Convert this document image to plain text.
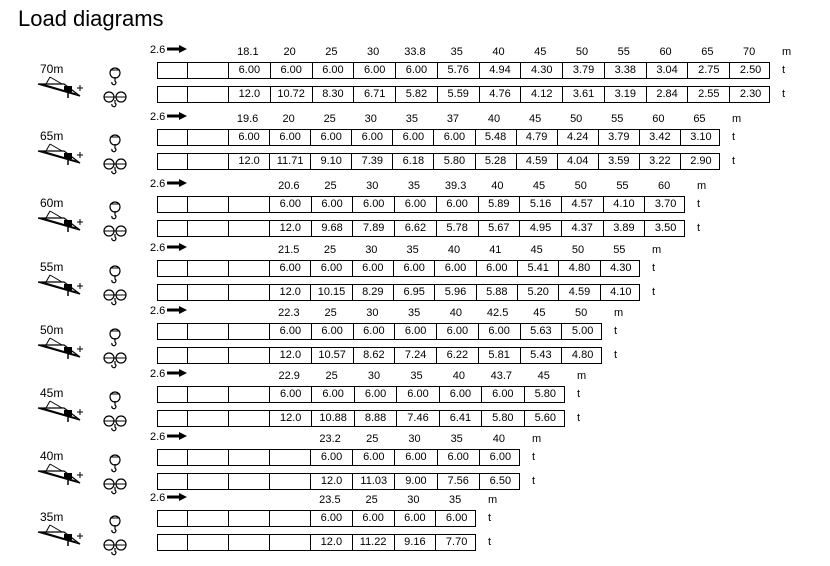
Load diagrams
70m
2.6	18.1	20	25	30	33.8	35	40	45	50	55	60	65	70	m
6.00	6.00	6.00	6.00	6.00	5.76	4.94	4.30	3.79	3.38	3.04	2.75	2.50	t
12.0	10.72	8.30	6.71	5.82	5.59	4.76	4.12	3.61	3.19	2.84	2.55	2.30	t
65m
2.6	19.6	20	25	30	35	37	40	45	50	55	60	65	m
6.00	6.00	6.00	6.00	6.00	6.00	5.48	4.79	4.24	3.79	3.42	3.10	t
12.0	11.71	9.10	7.39	6.18	5.80	5.28	4.59	4.04	3.59	3.22	2.90	t
60m
2.6	20.6	25	30	35	39.3	40	45	50	55	60	m
6.00	6.00	6.00	6.00	6.00	5.89	5.16	4.57	4.10	3.70	t
12.0	9.68	7.89	6.62	5.78	5.67	4.95	4.37	3.89	3.50	t
55m
2.6	21.5	25	30	35	40	41	45	50	55	m
6.00	6.00	6.00	6.00	6.00	6.00	5.41	4.80	4.30	t
12.0	10.15	8.29	6.95	5.96	5.88	5.20	4.59	4.10	t
50m
2.6	22.3	25	30	35	40	42.5	45	50	m
6.00	6.00	6.00	6.00	6.00	6.00	5.63	5.00	t
12.0	10.57	8.62	7.24	6.22	5.81	5.43	4.80	t
45m
2.6	22.9	25	30	35	40	43.7	45	m
6.00	6.00	6.00	6.00	6.00	6.00	5.80	t
12.0	10.88	8.88	7.46	6.41	5.80	5.60	t
40m
2.6	23.2	25	30	35	40	m
6.00	6.00	6.00	6.00	6.00	t
12.0	11.03	9.00	7.56	6.50	t
35m
2.6	23.5	25	30	35	m
6.00	6.00	6.00	6.00	t
12.0	11.22	9.16	7.70	t
